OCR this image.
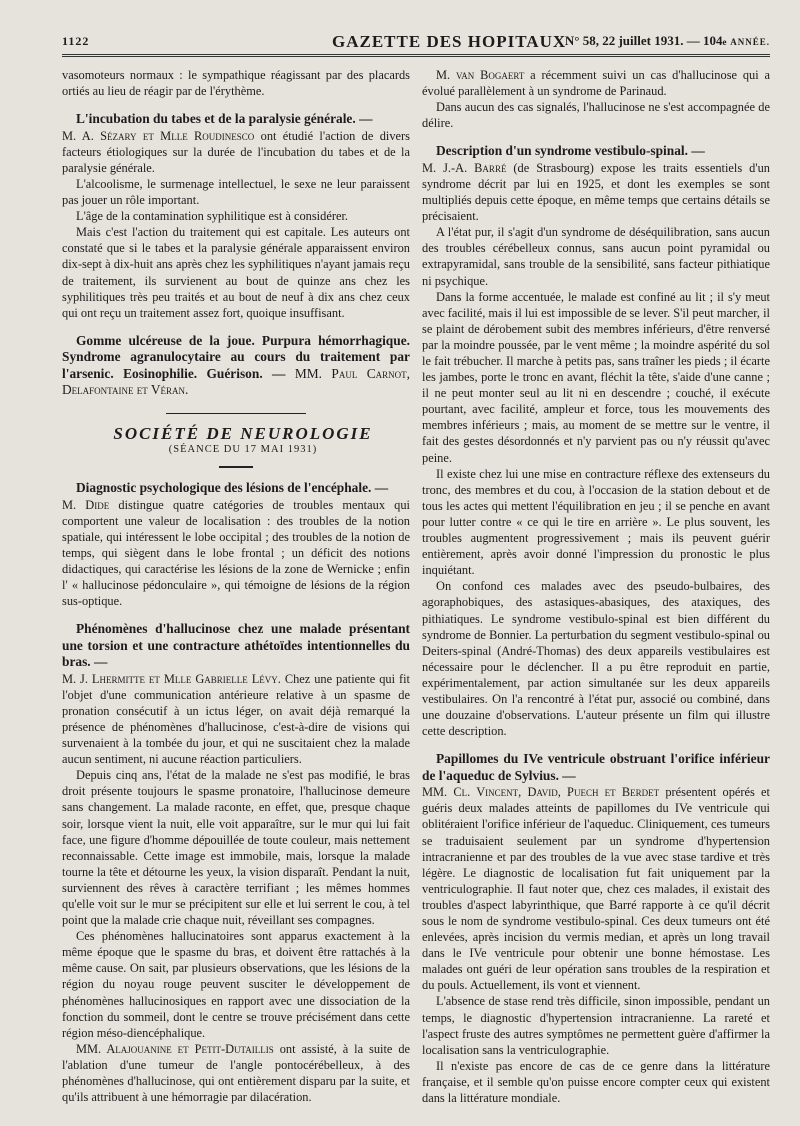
1122	GAZETTE DES HOPITAUX
N° 58, 22 juillet 1931. — 104e ANNÉE.

vasomoteurs normaux : le sympathique réagissant par des placards ortiés au lieu de réagir par de l'érythème.

L'incubation du tabes et de la paralysie générale. —

M. A. Sézary et Mlle Roudinesco ont étudié l'action de divers facteurs étiologiques sur la durée de l'incubation du tabes et de la paralysie générale.

L'alcoolisme, le surmenage intellectuel, le sexe ne leur paraissent pas jouer un rôle important.

L'âge de la contamination syphilitique est à considérer.

Mais c'est l'action du traitement qui est capitale. Les auteurs ont constaté que si le tabes et la paralysie générale apparaissent environ dix-sept à dix-huit ans après chez les syphilitiques n'ayant jamais reçu de traitement, ils survienent au bout de quinze ans chez les syphilitiques très peu traités et au bout de neuf à dix ans chez ceux qui ont reçu un traitement assez fort, quoique insuffisant.

Gomme ulcéreuse de la joue. Purpura hémorrhagique. Syndrome agranulocytaire au cours du traitement par l'arsenic. Eosinophilie. Guérison. — MM. Paul Carnot, Delafontaine et Véran.

SOCIÉTÉ DE NEUROLOGIE

(SÉANCE DU 17 MAI 1931)

Diagnostic psychologique des lésions de l'encéphale. —

M. Dide distingue quatre catégories de troubles mentaux qui comportent une valeur de localisation : des troubles de la notion spatiale, qui intéressent le lobe occipital ; des troubles de la notion de temps, qui siègent dans le lobe frontal ; un déficit des notions didactiques, qui caractérise les lésions de la zone de Wernicke ; enfin l' « hallucinose pédonculaire », qui témoigne de lésions de la région sus-optique.

Phénomènes d'hallucinose chez une malade présentant une torsion et une contracture athétoïdes intentionnelles du bras. —

M. J. Lhermitte et Mlle Gabrielle Lévy. Chez une patiente qui fit l'objet d'une communication antérieure relative à un spasme de pronation consécutif à un ictus léger, on avait déjà remarqué la présence de phénomènes d'hallucinose, c'est-à-dire de visions qui survenaient à la tombée du jour, et qui ne suscitaient chez la malade aucun sentiment, ni aucune réaction particuliers.

Depuis cinq ans, l'état de la malade ne s'est pas modifié, le bras droit présente toujours le spasme pronatoire, l'hallucinose demeure sans changement. La malade raconte, en effet, que, presque chaque soir, lorsque vient la nuit, elle voit apparaître, sur le mur qui lui fait face, une figure d'homme dépouillée de toute couleur, mais nettement reconnaissable. Cette image est immobile, mais, lorsque la malade tourne la tête et détourne les yeux, la vision disparaît. Pendant la nuit, surviennent des rêves à caractère terrifiant ; les mêmes hommes qu'elle voit sur le mur se précipitent sur elle et lui serrent le cou, à tel point que la malade crie chaque nuit, réveillant ses compagnes.

Ces phénomènes hallucinatoires sont apparus exactement à la même époque que le spasme du bras, et doivent être rattachés à la même cause. On sait, par plusieurs observations, que les lésions de la région du noyau rouge peuvent susciter le développement de phénomènes hallucinosiques en rapport avec une dissociation de la fonction du sommeil, dont le centre se trouve précisément dans cette région méso-diencéphalique.

MM. Alajouanine et Petit-Dutaillis ont assisté, à la suite de l'ablation d'une tumeur de l'angle pontocérébelleux, à des phénomènes d'hallucinose, qui ont entièrement disparu par la suite, et qu'ils attribuent à une hémorragie par dilacération.

M. van Bogaert a récemment suivi un cas d'hallucinose qui a évolué parallèlement à un syndrome de Parinaud.

Dans aucun des cas signalés, l'hallucinose ne s'est accompagnée de délire.

Description d'un syndrome vestibulo-spinal. —

M. J.-A. Barré (de Strasbourg) expose les traits essentiels d'un syndrome décrit par lui en 1925, et dont les exemples se sont multipliés depuis cette époque, en même temps que certains détails se précisaient.

A l'état pur, il s'agit d'un syndrome de déséquilibration, sans aucun des troubles cérébelleux connus, sans aucun point pyramidal ou extrapyramidal, sans trouble de la sensibilité, sans facteur pithiatique ni psychique.

Dans la forme accentuée, le malade est confiné au lit ; il s'y meut avec facilité, mais il lui est impossible de se lever. S'il peut marcher, il se plaint de dérobement subit des membres inférieurs, d'être renversé par la moindre poussée, par le vent même ; la moindre aspérité du sol le fait trébucher. Il marche à petits pas, sans traîner les pieds ; il écarte les jambes, porte le tronc en avant, fléchit la tête, s'aide d'une canne ; il ne peut monter seul au lit ni en descendre ; couché, il exécute pourtant, avec facilité, ampleur et force, tous les mouvements des membres inférieurs ; mais, au moment de se mettre sur le ventre, il fait des gestes désordonnés et n'y parvient pas ou n'y réussit qu'avec peine.

Il existe chez lui une mise en contracture réflexe des extenseurs du tronc, des membres et du cou, à l'occasion de la station debout et de tous les actes qui mettent l'équilibration en jeu ; il se penche en avant pour lutter contre « ce qui le tire en arrière ». Le plus souvent, les troubles augmentent progressivement ; mais ils peuvent guérir entièrement, après avoir donné l'impression du pronostic le plus inquiétant.

On confond ces malades avec des pseudo-bulbaires, des agoraphobiques, des astasiques-abasiques, des ataxiques, des pithiatiques. Le syndrome vestibulo-spinal est bien différent du syndrome de Bonnier. La perturbation du segment vestibulo-spinal ou Deiters-spinal (André-Thomas) des deux appareils vestibulaires est nécessaire pour le déclencher. Il a pu être reproduit en partie, expérimentalement, par action simultanée sur les deux appareils vestibulaires. On l'a rencontré à l'état pur, associé ou combiné, dans une douzaine d'observations. L'auteur présente un film qui illustre cette description.

Papillomes du IVe ventricule obstruant l'orifice inférieur de l'aqueduc de Sylvius. —

MM. Cl. Vincent, David, Puech et Berdet présentent opérés et guéris deux malades atteints de papillomes du IVe ventricule qui oblitéraient l'orifice inférieur de l'aqueduc. Cliniquement, ces tumeurs se traduisaient seulement par un syndrome d'hypertension intracranienne et par des troubles de la vue avec stase tardive et très légère. Le diagnostic de localisation fut fait uniquement par la ventriculographie. Il faut noter que, chez ces malades, il existait des troubles d'aspect labyrinthique, que Barré rapporte à ce qu'il décrit sous le nom de syndrome vestibulo-spinal. Ces deux tumeurs ont été enlevées, après incision du vermis median, et après un long travail dans le IVe ventricule pour obtenir une bonne hémostase. Les malades ont guéri de leur opération sans troubles de la respiration et du pouls. Actuellement, ils vont et viennent.

L'absence de stase rend très difficile, sinon impossible, pendant un temps, le diagnostic d'hypertension intracranienne. La rareté et l'aspect fruste des autres symptômes ne permettent guère d'affirmer la localisation sans la ventriculographie.

Il n'existe pas encore de cas de ce genre dans la littérature française, et il semble qu'on puisse encore compter ceux qui existent dans la littérature mondiale.
